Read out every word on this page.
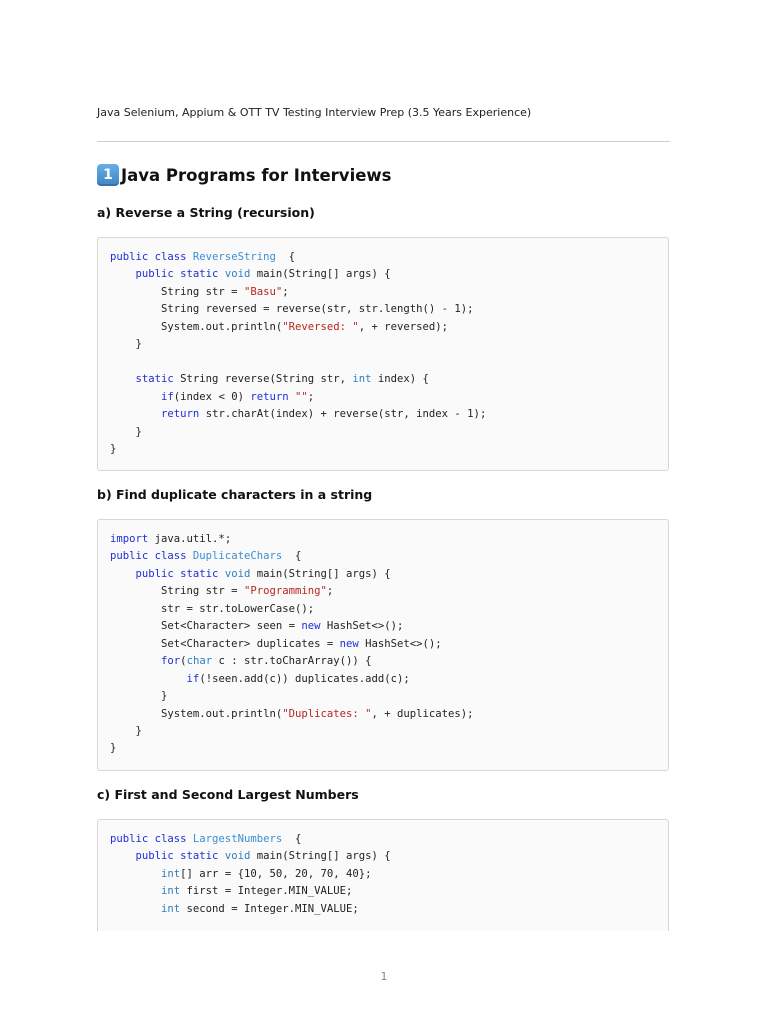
Java Selenium, Appium & OTT TV Testing Interview Prep (3.5 Years Experience)
1 Java Programs for Interviews
a) Reverse a String (recursion)
public class ReverseString  {
public static void main(String[] args) {
String str = "Basu";
String reversed = reverse(str, str.length() - 1);
System.out.println("Reversed: ", + reversed);
}

static String reverse(String str, int index) {
if(index < 0) return "";
return str.charAt(index) + reverse(str, index - 1);
}
}
b) Find duplicate characters in a string
import java.util.*;
public class DuplicateChars  {
public static void main(String[] args) {
String str = "Programming";
str = str.toLowerCase();
Set<Character> seen = new HashSet<>();
Set<Character> duplicates = new HashSet<>();
for(char c : str.toCharArray()) {
if(!seen.add(c)) duplicates.add(c);
}
System.out.println("Duplicates: ", + duplicates);
}
}
c) First and Second Largest Numbers
public class LargestNumbers  {
public static void main(String[] args) {
int[] arr = {10, 50, 20, 70, 40};
int first = Integer.MIN_VALUE;
int second = Integer.MIN_VALUE;
1
